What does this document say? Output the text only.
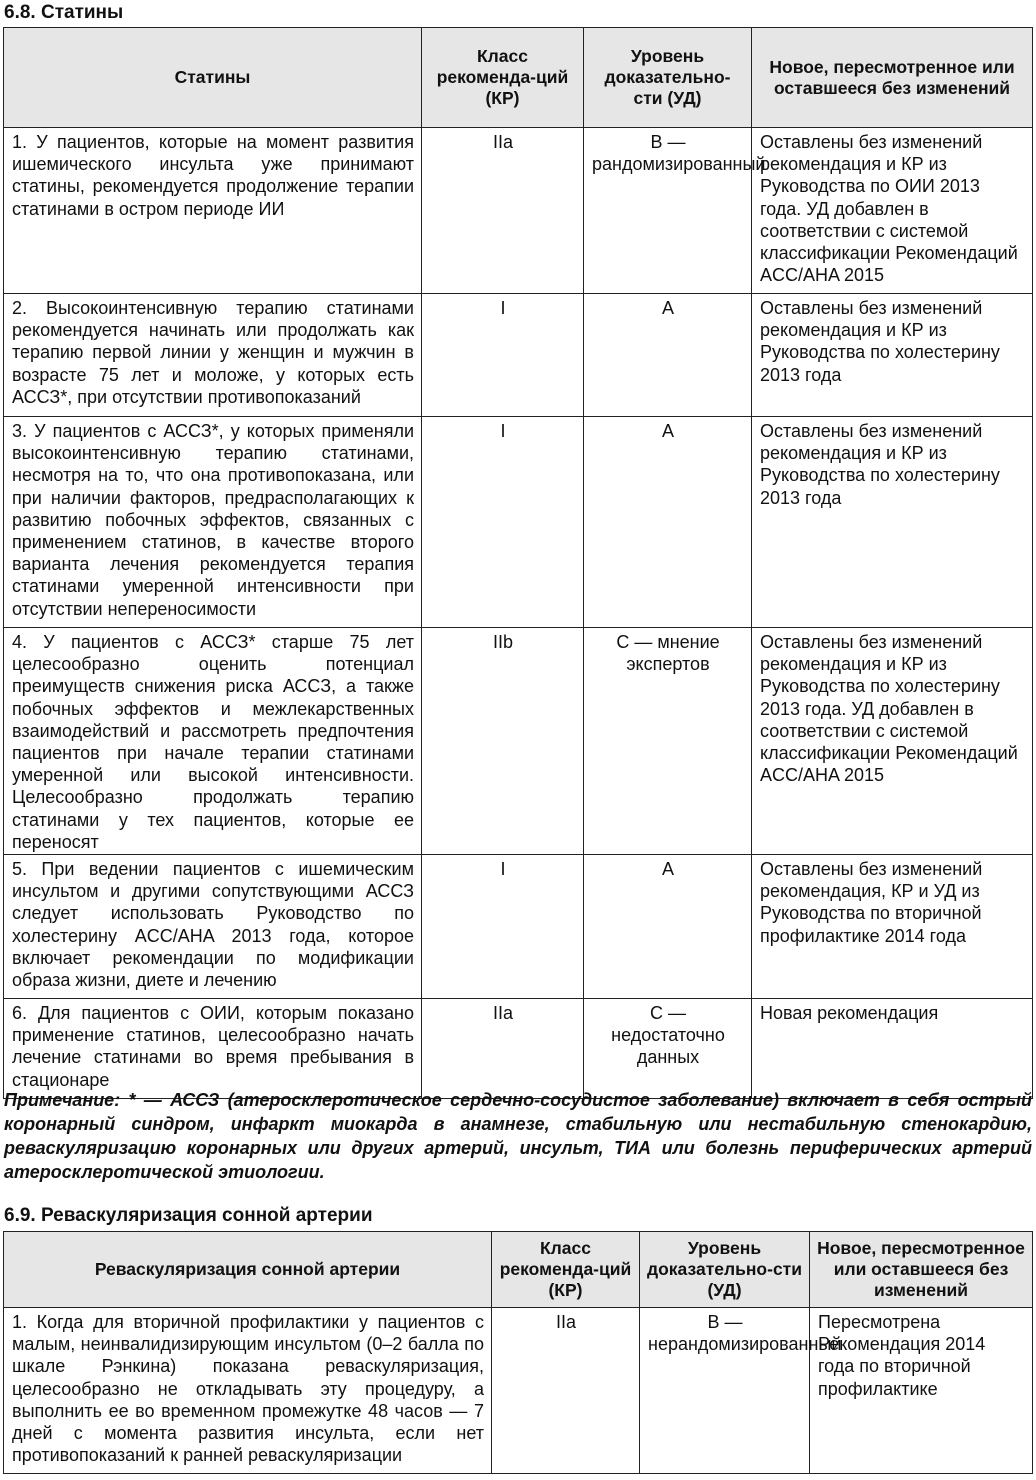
6.8. Статины
Статины	Класс рекоменда-ций (КР)	Уровень доказательно-сти (УД)	Новое, пересмотренное или оставшееся без изменений
1. У пациентов, которые на момент развития ишемического инсульта уже принимают статины, рекомендуется продолжение терапии статинами в остром периоде ИИ	IIa	B — рандомизированный	Оставлены без изменений рекомендация и КР из Руководства по ОИИ 2013 года. УД добавлен в соответствии с системой классификации Рекомендаций ACC/AHA 2015
2. Высокоинтенсивную терапию статинами рекомендуется начинать или продолжать как терапию первой линии у женщин и мужчин в возрасте 75 лет и моложе, у которых есть АССЗ*, при отсутствии противопоказаний	I	A	Оставлены без изменений рекомендация и КР из Руководства по холестерину 2013 года
3. У пациентов с АССЗ*, у которых применяли высокоинтенсивную терапию статинами, несмотря на то, что она противопоказана, или при наличии факторов, предрасполагающих к развитию побочных эффектов, связанных с применением статинов, в качестве второго варианта лечения рекомендуется терапия статинами умеренной интенсивности при отсутствии непереносимости	I	A	Оставлены без изменений рекомендация и КР из Руководства по холестерину 2013 года
4. У пациентов с АССЗ* старше 75 лет целесообразно оценить потенциал преимуществ снижения риска АССЗ, а также побочных эффектов и межлекарственных взаимодействий и рассмотреть предпочтения пациентов при начале терапии статинами умеренной или высокой интенсивности. Целесообразно продолжать терапию статинами у тех пациентов, которые ее переносят	IIb	C — мнение экспертов	Оставлены без изменений рекомендация и КР из Руководства по холестерину 2013 года. УД добавлен в соответствии с системой классификации Рекомендаций ACC/AHA 2015
5. При ведении пациентов с ишемическим инсультом и другими сопутствующими АССЗ следует использовать Руководство по холестерину ACC/AHA 2013 года, которое включает рекомендации по модификации образа жизни, диете и лечению	I	A	Оставлены без изменений рекомендация, КР и УД из Руководства по вторичной профилактике 2014 года
6. Для пациентов с ОИИ, которым показано применение статинов, целесообразно начать лечение статинами во время пребывания в стационаре	IIa	C — недостаточно данных	Новая рекомендация
Примечание: * — АССЗ (атеросклеротическое сердечно-сосудистое заболевание) включает в себя острый коронарный синдром, инфаркт миокарда в анамнезе, стабильную или нестабильную стенокардию, реваскуляризацию коронарных или других артерий, инсульт, ТИА или болезнь периферических артерий атеросклеротической этиологии.
6.9. Реваскуляризация сонной артерии
Реваскуляризация сонной артерии	Класс рекоменда-ций (КР)	Уровень доказательно-сти (УД)	Новое, пересмотренное или оставшееся без изменений
1. Когда для вторичной профилактики у пациентов с малым, неинвалидизирующим инсультом (0–2 балла по шкале Рэнкина) показана реваскуляризация, целесообразно не откладывать эту процедуру, а выполнить ее во временном промежутке 48 часов — 7 дней с момента развития инсульта, если нет противопоказаний к ранней реваскуляризации	IIa	B — нерандомизированный	Пересмотрена Рекомендация 2014 года по вторичной профилактике
